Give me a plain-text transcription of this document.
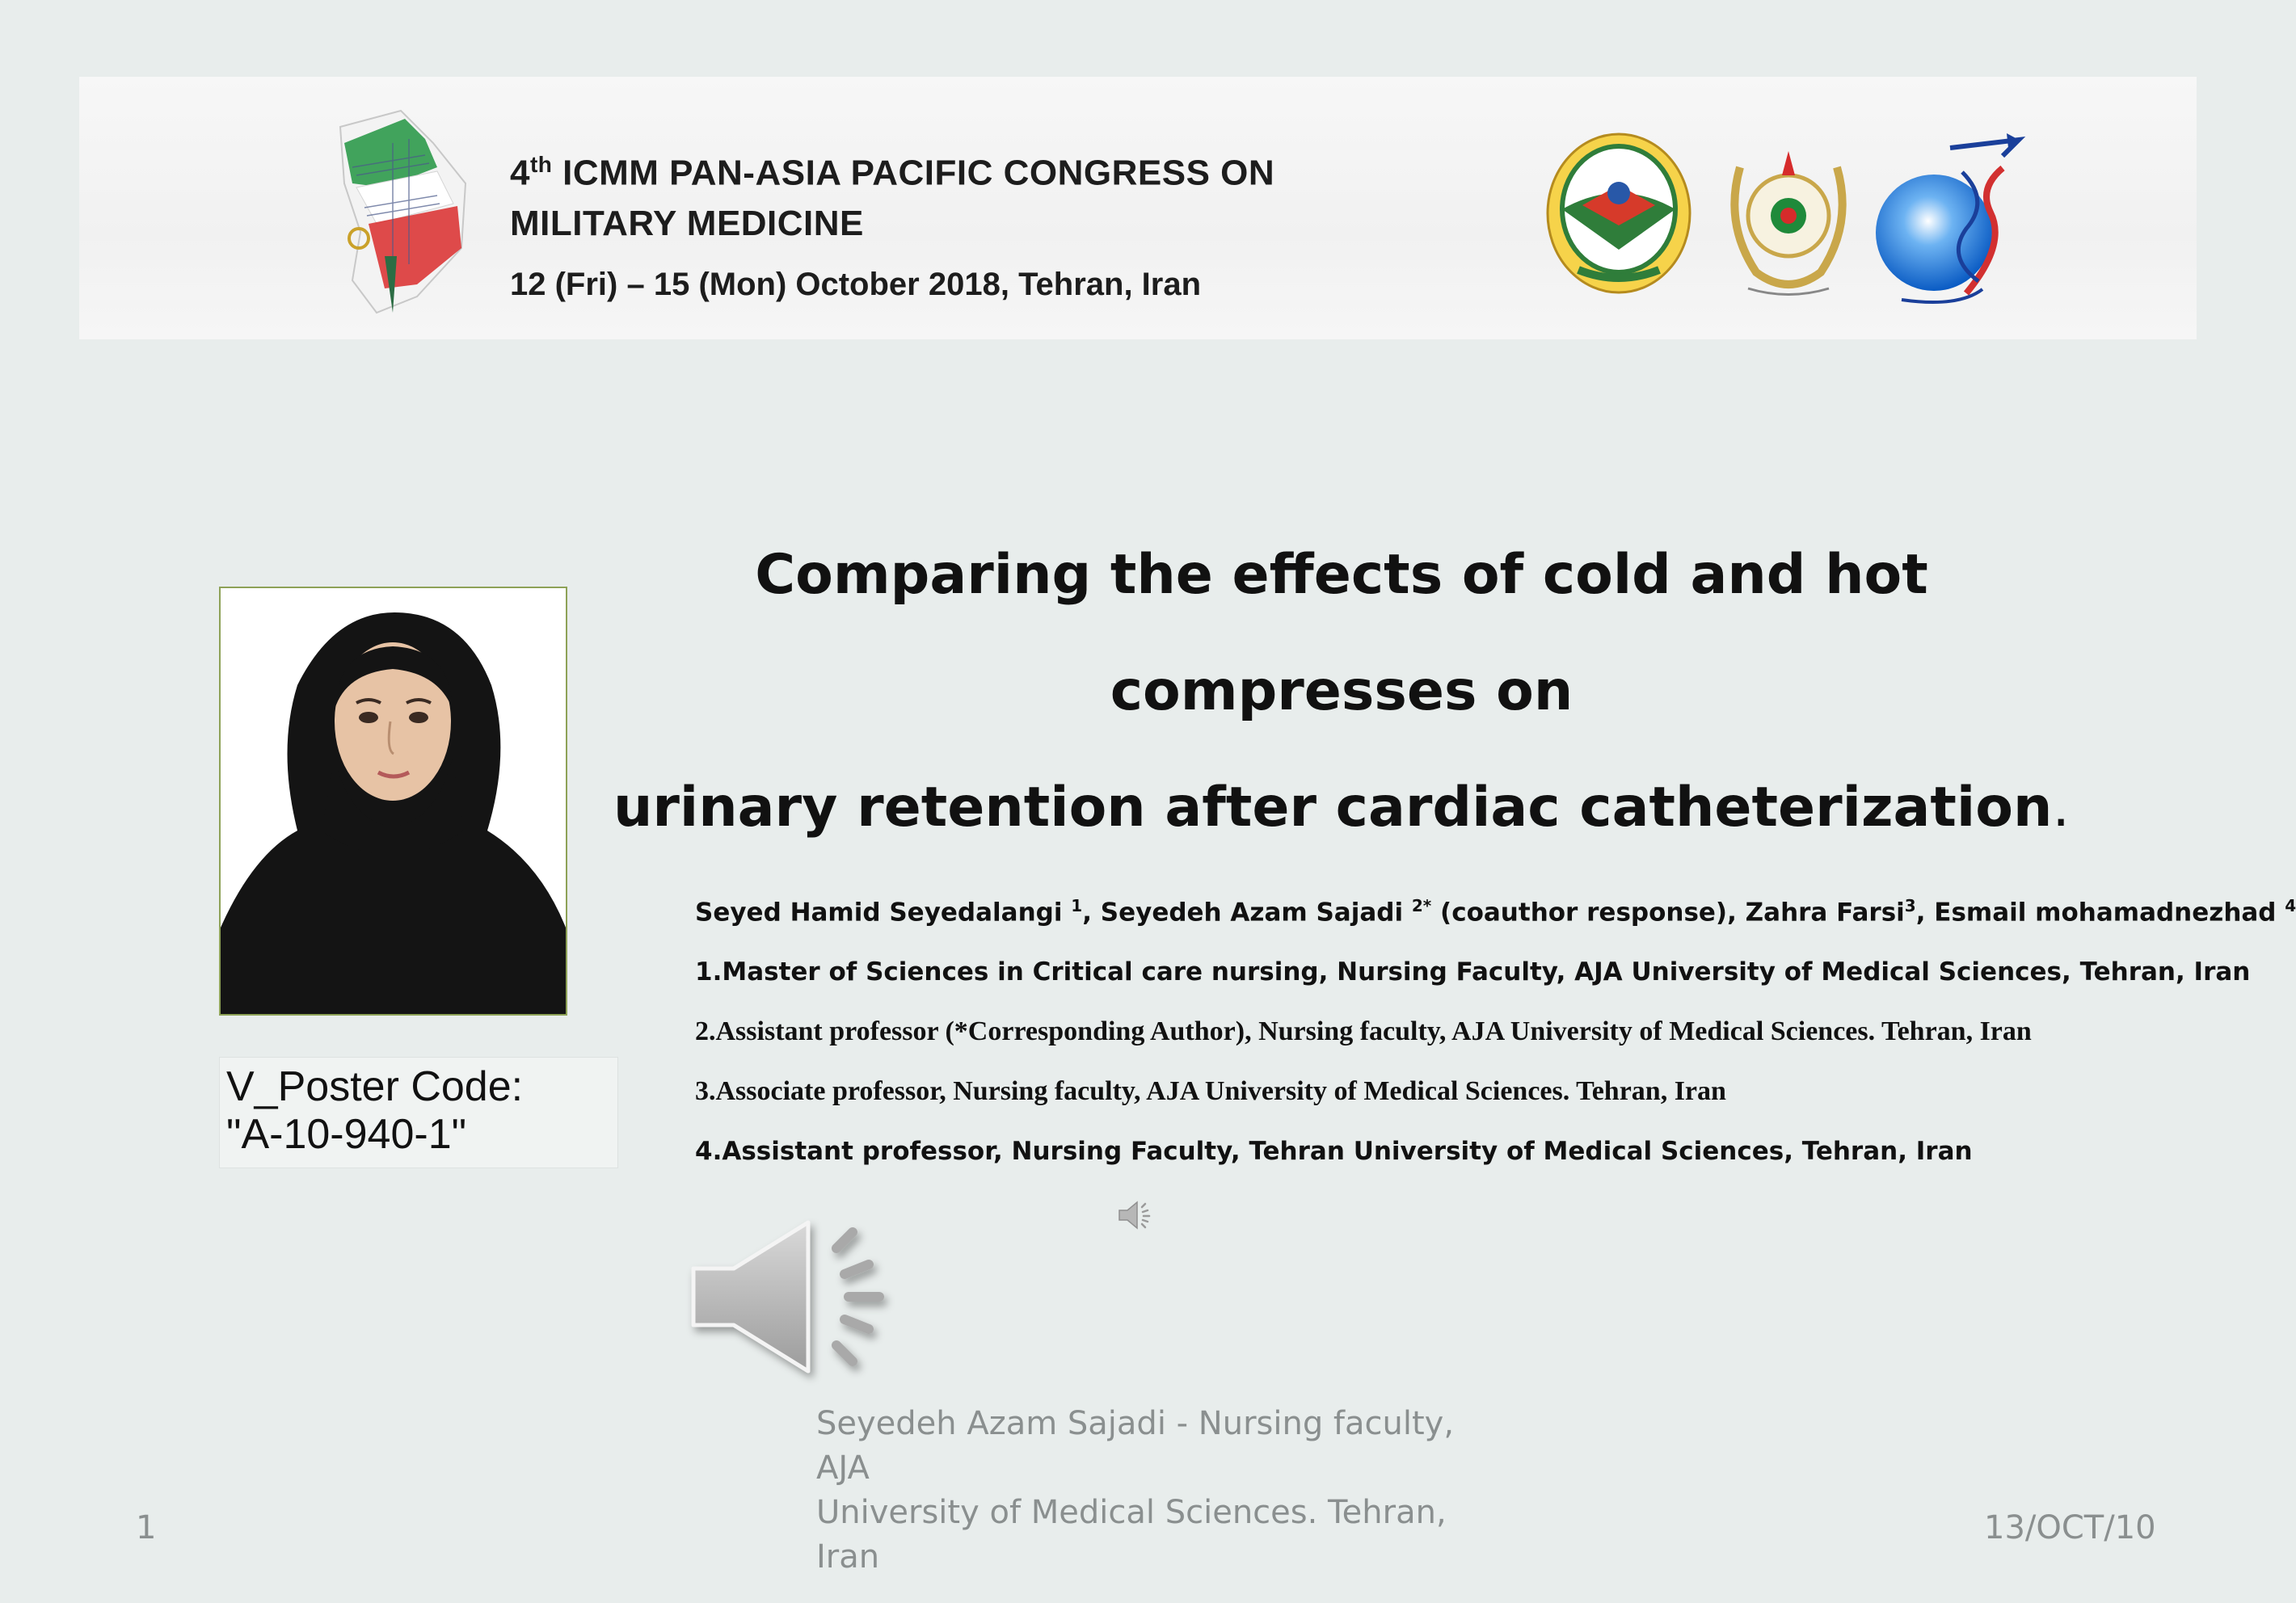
4th ICMM PAN-ASIA PACIFIC CONGRESS ON
MILITARY MEDICINE
12 (Fri) – 15 (Mon) October 2018, Tehran, Iran
Comparing the effects of cold and hot compresses on
urinary retention after cardiac catheterization.
V_Poster Code:
"A-10-940-1"

Seyed Hamid Seyedalangi $^1$, Seyedeh Azam Sajadi $^{2*}$ (coauthor response), Zahra Farsi$^3$, Esmail mohamadnezhad $^4$

1.Master of Sciences in Critical care nursing, Nursing Faculty, AJA University of Medical Sciences, Tehran, Iran

2.Assistant professor (*Corresponding Author), Nursing faculty, AJA University of Medical Sciences. Tehran, Iran

3.Associate professor, Nursing faculty, AJA University of Medical Sciences. Tehran, Iran

4.Assistant professor, Nursing Faculty, Tehran University of Medical Sciences, Tehran, Iran

Seyedeh Azam Sajadi - Nursing faculty, AJA
University of Medical Sciences. Tehran, Iran
1	13/OCT/10
